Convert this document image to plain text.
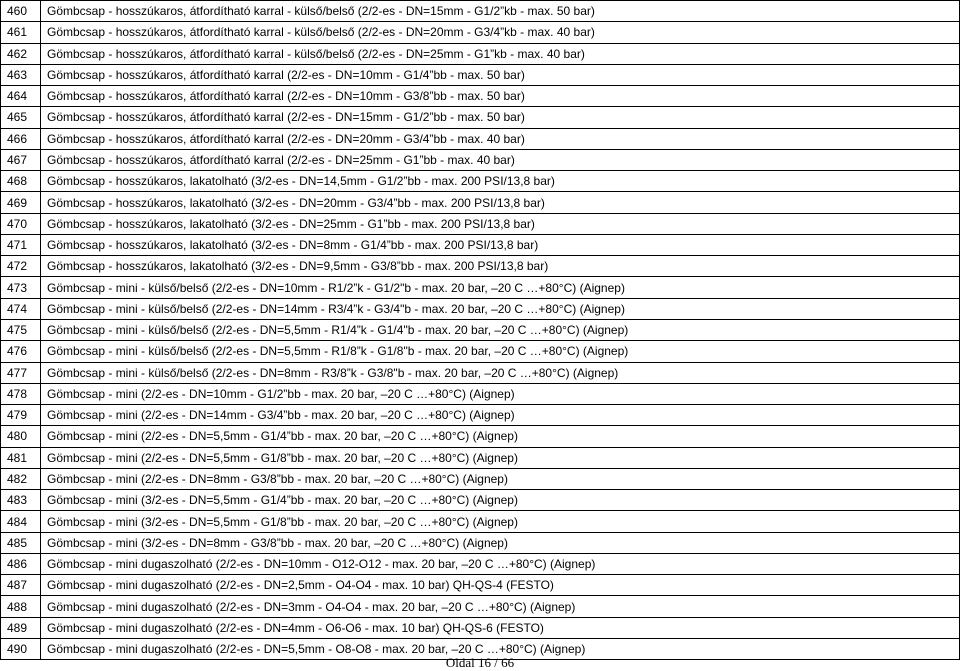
460	Gömbcsap - hosszúkaros, átfordítható karral - külső/belső (2/2-es - DN=15mm - G1/2”kb - max. 50 bar)
461	Gömbcsap - hosszúkaros, átfordítható karral - külső/belső (2/2-es - DN=20mm - G3/4”kb - max. 40 bar)
462	Gömbcsap - hosszúkaros, átfordítható karral - külső/belső (2/2-es - DN=25mm - G1”kb - max. 40 bar)
463	Gömbcsap - hosszúkaros, átfordítható karral (2/2-es - DN=10mm - G1/4”bb - max. 50 bar)
464	Gömbcsap - hosszúkaros, átfordítható karral (2/2-es - DN=10mm - G3/8”bb - max. 50 bar)
465	Gömbcsap - hosszúkaros, átfordítható karral (2/2-es - DN=15mm - G1/2”bb - max. 50 bar)
466	Gömbcsap - hosszúkaros, átfordítható karral (2/2-es - DN=20mm - G3/4”bb - max. 40 bar)
467	Gömbcsap - hosszúkaros, átfordítható karral (2/2-es - DN=25mm - G1”bb - max. 40 bar)
468	Gömbcsap - hosszúkaros, lakatolható (3/2-es - DN=14,5mm - G1/2”bb - max. 200 PSI/13,8 bar)
469	Gömbcsap - hosszúkaros, lakatolható (3/2-es - DN=20mm - G3/4”bb - max. 200 PSI/13,8 bar)
470	Gömbcsap - hosszúkaros, lakatolható (3/2-es - DN=25mm - G1”bb - max. 200 PSI/13,8 bar)
471	Gömbcsap - hosszúkaros, lakatolható (3/2-es - DN=8mm - G1/4”bb - max. 200 PSI/13,8 bar)
472	Gömbcsap - hosszúkaros, lakatolható (3/2-es - DN=9,5mm - G3/8”bb - max. 200 PSI/13,8 bar)
473	Gömbcsap - mini - külső/belső (2/2-es - DN=10mm - R1/2”k - G1/2"b - max. 20 bar, –20 C …+80°C) (Aignep)
474	Gömbcsap - mini - külső/belső (2/2-es - DN=14mm - R3/4”k - G3/4"b - max. 20 bar, –20 C …+80°C) (Aignep)
475	Gömbcsap - mini - külső/belső (2/2-es - DN=5,5mm - R1/4”k - G1/4"b - max. 20 bar, –20 C …+80°C) (Aignep)
476	Gömbcsap - mini - külső/belső (2/2-es - DN=5,5mm - R1/8”k - G1/8"b - max. 20 bar, –20 C …+80°C) (Aignep)
477	Gömbcsap - mini - külső/belső (2/2-es - DN=8mm - R3/8”k - G3/8"b - max. 20 bar, –20 C …+80°C) (Aignep)
478	Gömbcsap - mini (2/2-es - DN=10mm - G1/2”bb - max. 20 bar, –20 C …+80°C) (Aignep)
479	Gömbcsap - mini (2/2-es - DN=14mm - G3/4”bb - max. 20 bar, –20 C …+80°C) (Aignep)
480	Gömbcsap - mini (2/2-es - DN=5,5mm - G1/4”bb - max. 20 bar, –20 C …+80°C) (Aignep)
481	Gömbcsap - mini (2/2-es - DN=5,5mm - G1/8”bb - max. 20 bar, –20 C …+80°C) (Aignep)
482	Gömbcsap - mini (2/2-es - DN=8mm - G3/8”bb - max. 20 bar, –20 C …+80°C) (Aignep)
483	Gömbcsap - mini (3/2-es - DN=5,5mm - G1/4”bb - max. 20 bar, –20 C …+80°C) (Aignep)
484	Gömbcsap - mini (3/2-es - DN=5,5mm - G1/8”bb - max. 20 bar, –20 C …+80°C) (Aignep)
485	Gömbcsap - mini (3/2-es - DN=8mm - G3/8”bb - max. 20 bar, –20 C …+80°C) (Aignep)
486	Gömbcsap - mini dugaszolható (2/2-es - DN=10mm - O12-O12 - max. 20 bar, –20 C …+80°C) (Aignep)
487	Gömbcsap - mini dugaszolható (2/2-es - DN=2,5mm - O4-O4 - max. 10 bar) QH-QS-4 (FESTO)
488	Gömbcsap - mini dugaszolható (2/2-es - DN=3mm - O4-O4 - max. 20 bar, –20 C …+80°C) (Aignep)
489	Gömbcsap - mini dugaszolható (2/2-es - DN=4mm - O6-O6 - max. 10 bar) QH-QS-6 (FESTO)
490	Gömbcsap - mini dugaszolható (2/2-es - DN=5,5mm - O8-O8 - max. 20 bar, –20 C …+80°C) (Aignep)
Oldal 16 / 66
